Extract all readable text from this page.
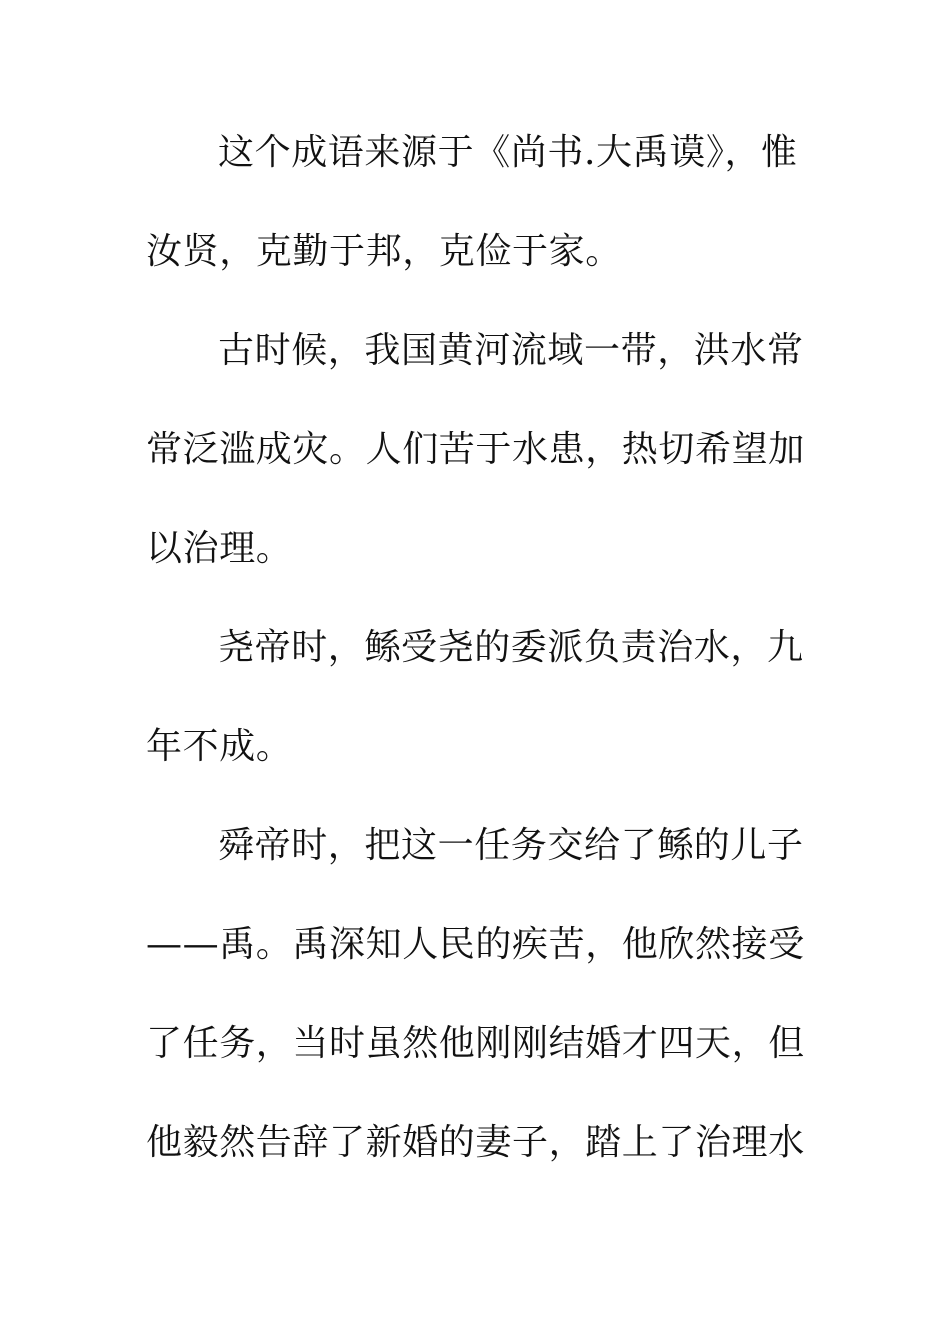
这个成语来源于《尚书.大禹谟》，惟
汝贤，克勤于邦，克俭于家。
古时候，我国黄河流域一带，洪水常
常泛滥成灾。人们苦于水患，热切希望加
以治理。
尧帝时，鲧受尧的委派负责治水，九
年不成。
舜帝时，把这一任务交给了鲧的儿子
——禹。禹深知人民的疾苦，他欣然接受
了任务，当时虽然他刚刚结婚才四天，但
他毅然告辞了新婚的妻子，踏上了治理水
